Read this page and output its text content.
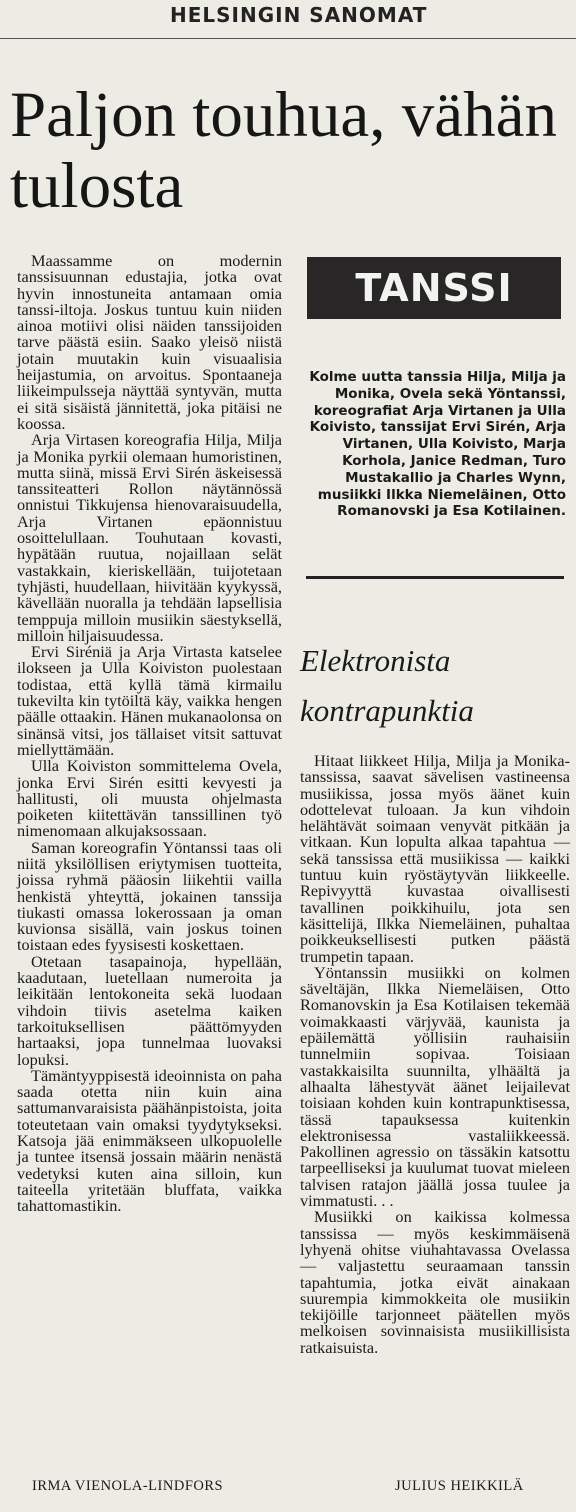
HELSINGIN SANOMAT
Paljon touhua, vähän tulosta

Maassamme on modernin tanssisuunnan edustajia, jotka ovat hyvin innostuneita antamaan omia tanssi-iltoja. Joskus tuntuu kuin niiden ainoa motiivi olisi näiden tanssijoiden tarve päästä esiin. Saako yleisö niistä jotain muutakin kuin visuaalisia heijastumia, on arvoitus. Spontaaneja liikeimpulsseja näyttää syntyvän, mutta ei sitä sisäistä jännitettä, joka pitäisi ne koossa.

Arja Virtasen koreografia Hilja, Milja ja Monika pyrkii olemaan humoristinen, mutta siinä, missä Ervi Sirén äskeisessä tanssiteatteri Rollon näytännössä onnistui Tikkujensa hienovaraisuudella, Arja Virtanen epäonnistuu osoittelullaan. Touhutaan kovasti, hypätään ruutua, nojaillaan selät vastakkain, kieriskellään, tuijotetaan tyhjästi, huudellaan, hiivitään kyykyssä, kävellään nuoralla ja tehdään lapsellisia temppuja milloin musiikin säestyksellä, milloin hiljaisuudessa.

Ervi Siréniä ja Arja Virtasta katselee ilokseen ja Ulla Koiviston puolestaan todistaa, että kyllä tämä kirmailu tukevilta kin tytöiltä käy, vaikka hengen päälle ottaakin. Hänen mukanaolonsa on sinänsä vitsi, jos tällaiset vitsit sattuvat miellyttämään.

Ulla Koiviston sommittelema Ovela, jonka Ervi Sirén esitti kevyesti ja hallitusti, oli muusta ohjelmasta poiketen kiitettävän tanssillinen työ nimenomaan alkujaksossaan.

Saman koreografin Yöntanssi taas oli niitä yksilöllisen eriytymisen tuotteita, joissa ryhmä pääosin liikehtii vailla henkistä yhteyttä, jokainen tanssija tiukasti omassa lokerossaan ja oman kuvionsa sisällä, vain joskus toinen toistaan edes fyysisesti koskettaen.

Otetaan tasapainoja, hypellään, kaadutaan, luetellaan numeroita ja leikitään lentokoneita sekä luodaan vihdoin tiivis asetelma kaiken tarkoituksellisen päättömyyden hartaaksi, jopa tunnelmaa luovaksi lopuksi.

Tämäntyyppisestä ideoinnista on paha saada otetta niin kuin aina sattumanvaraisista päähänpistoista, joita toteutetaan vain omaksi tyydytykseksi. Katsoja jää enimmäkseen ulkopuolelle ja tuntee itsensä jossain määrin nenästä vedetyksi kuten aina silloin, kun taiteella yritetään bluffata, vaikka tahattomastikin.

TANSSI

Kolme uutta tanssia Hilja, Milja ja Monika, Ovela sekä Yöntanssi, koreografiat Arja Virtanen ja Ulla Koivisto, tanssijat Ervi Sirén, Arja Virtanen, Ulla Koivisto, Marja Korhola, Janice Redman, Turo Mustakallio ja Charles Wynn, musiikki Ilkka Niemeläinen, Otto Romanovski ja Esa Kotilainen.

Elektronista kontrapunktia

Hitaat liikkeet Hilja, Milja ja Monika-tanssissa, saavat sävelisen vastineensa musiikissa, jossa myös äänet kuin odottelevat tuloaan. Ja kun vihdoin helähtävät soimaan venyvät pitkään ja vitkaan. Kun lopulta alkaa tapahtua — sekä tanssissa että musiikissa — kaikki tuntuu kuin ryöstäytyvän liikkeelle. Repivyyttä kuvastaa oivallisesti tavallinen poikkihuilu, jota sen käsittelijä, Ilkka Niemeläinen, puhaltaa poikkeuksellisesti putken päästä trumpetin tapaan.

Yöntanssin musiikki on kolmen säveltäjän, Ilkka Niemeläisen, Otto Romanovskin ja Esa Kotilaisen tekemää voimakkaasti värjyvää, kaunista ja epäilemättä yöllisiin rauhaisiin tunnelmiin sopivaa. Toisiaan vastakkaisilta suunnilta, ylhäältä ja alhaalta lähestyvät äänet leijailevat toisiaan kohden kuin kontrapunktisessa, tässä tapauksessa kuitenkin elektronisessa vastaliikkeessä. Pakollinen agressio on tässäkin katsottu tarpeelliseksi ja kuulumat tuovat mieleen talvisen ratajon jäällä jossa tuulee ja vimmatusti. . .

Musiikki on kaikissa kolmessa tanssissa — myös keskimmäisenä lyhyenä ohitse viuhahtavassa Ovelassa — valjastettu seuraamaan tanssin tapahtumia, jotka eivät ainakaan suurempia kimmokkeita ole musiikin tekijöille tarjonneet päätellen myös melkoisen sovinnaisista musiikillisista ratkaisuista.

IRMA VIENOLA-LINDFORS	JULIUS HEIKKILÄ
